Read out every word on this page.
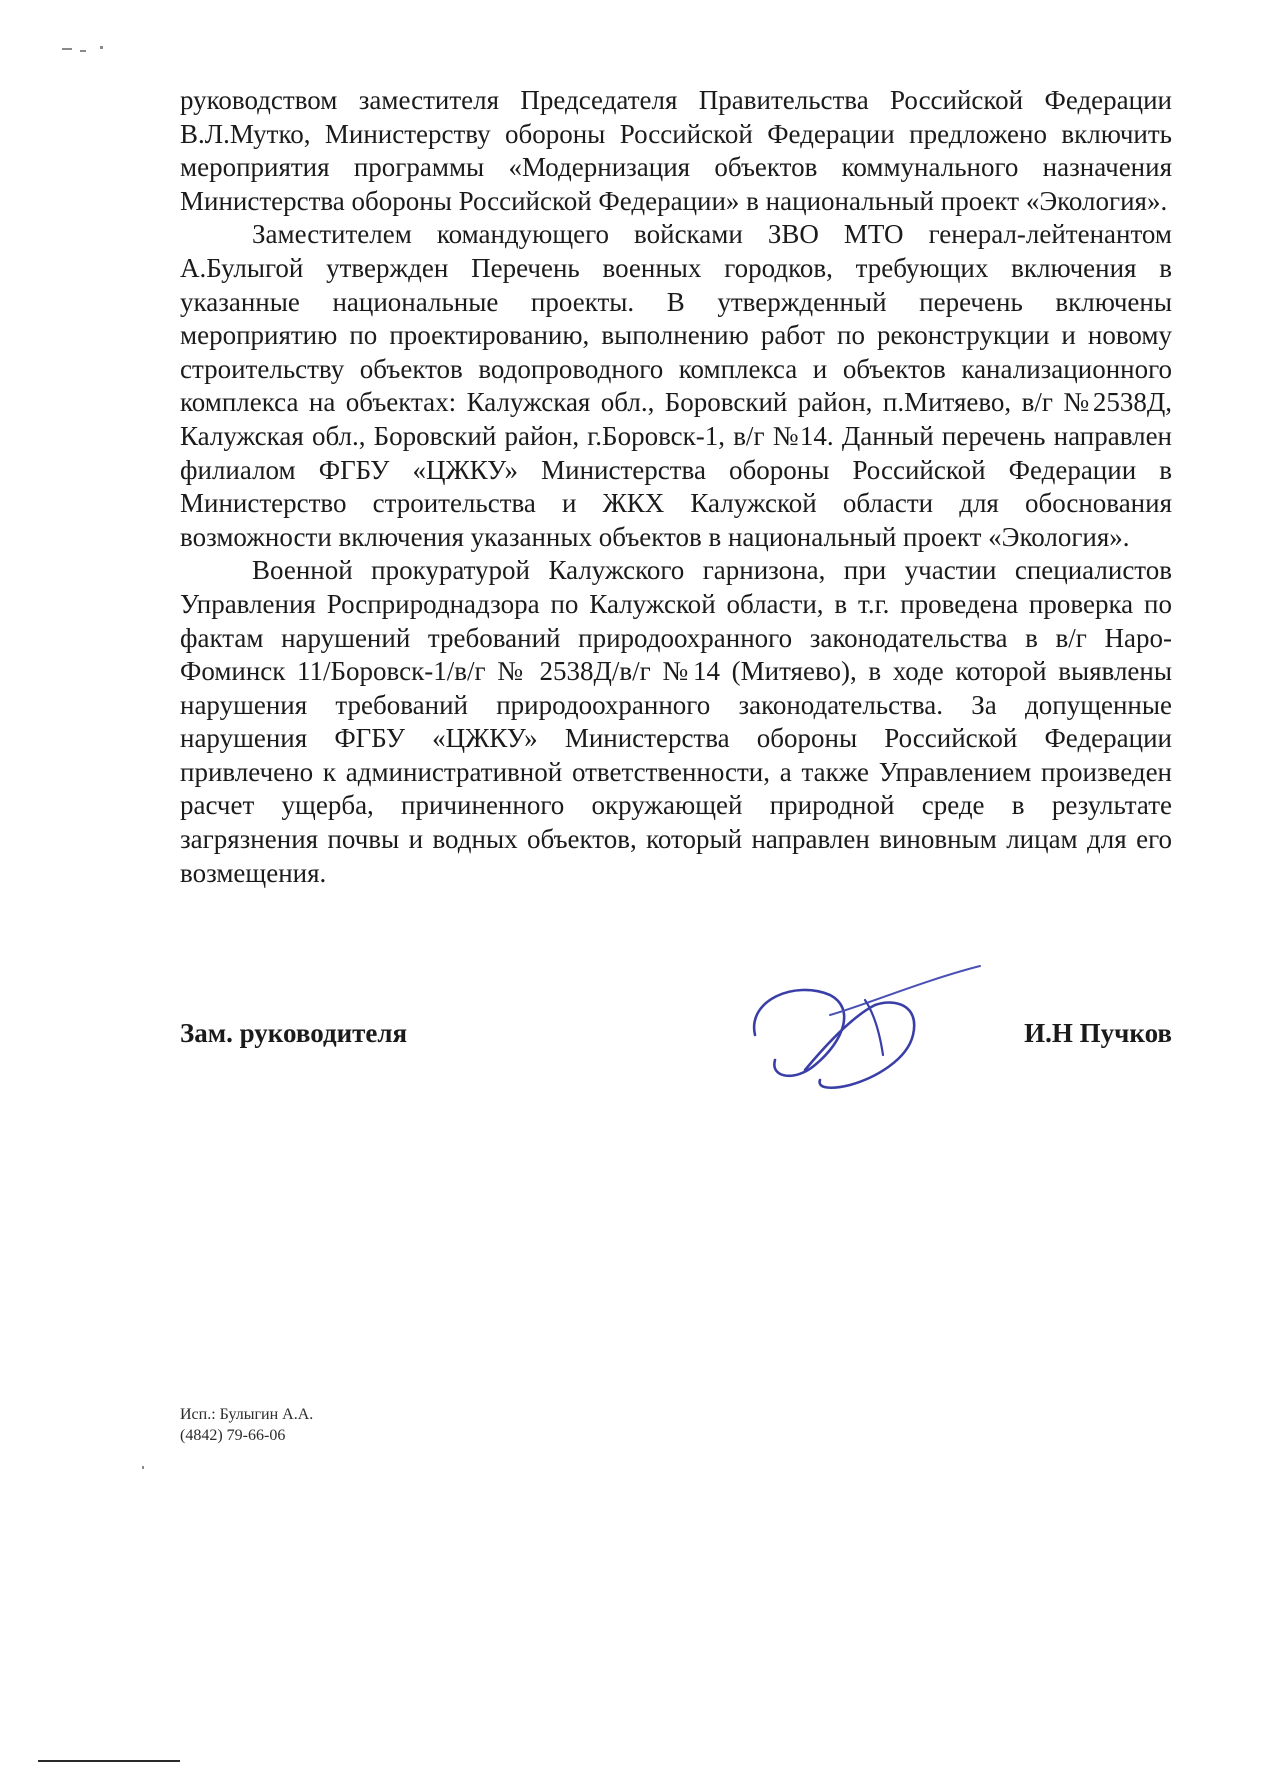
руководством заместителя Председателя Правительства Российской Федерации В.Л.Мутко, Министерству обороны Российской Федерации предложено включить мероприятия программы «Модернизация объектов коммунального назначения Министерства обороны Российской Федерации» в национальный проект «Экология».

Заместителем командующего войсками ЗВО МТО генерал-лейтенантом А.Булыгой утвержден Перечень военных городков, требующих включения в указанные национальные проекты. В утвержденный перечень включены мероприятию по проектированию, выполнению работ по реконструкции и новому строительству объектов водопроводного комплекса и объектов канализационного комплекса на объектах: Калужская обл., Боровский район, п.Митяево, в/г №2538Д, Калужская обл., Боровский район, г.Боровск-1, в/г №14. Данный перечень направлен филиалом ФГБУ «ЦЖКУ» Министерства обороны Российской Федерации в Министерство строительства и ЖКХ Калужской области для обоснования возможности включения указанных объектов в национальный проект «Экология».

Военной прокуратурой Калужского гарнизона, при участии специалистов Управления Росприроднадзора по Калужской области, в т.г. проведена проверка по фактам нарушений требований природоохранного законодательства в в/г Наро-Фоминск 11/Боровск-1/в/г № 2538Д/в/г №14 (Митяево), в ходе которой выявлены нарушения требований природоохранного законодательства. За допущенные нарушения ФГБУ «ЦЖКУ» Министерства обороны Российской Федерации привлечено к административной ответственности, а также Управлением произведен расчет ущерба, причиненного окружающей природной среде в результате загрязнения почвы и водных объектов, который направлен виновным лицам для его возмещения.

Зам. руководителя	И.Н Пучков
Исп.: Булыгин А.А.
(4842) 79-66-06
